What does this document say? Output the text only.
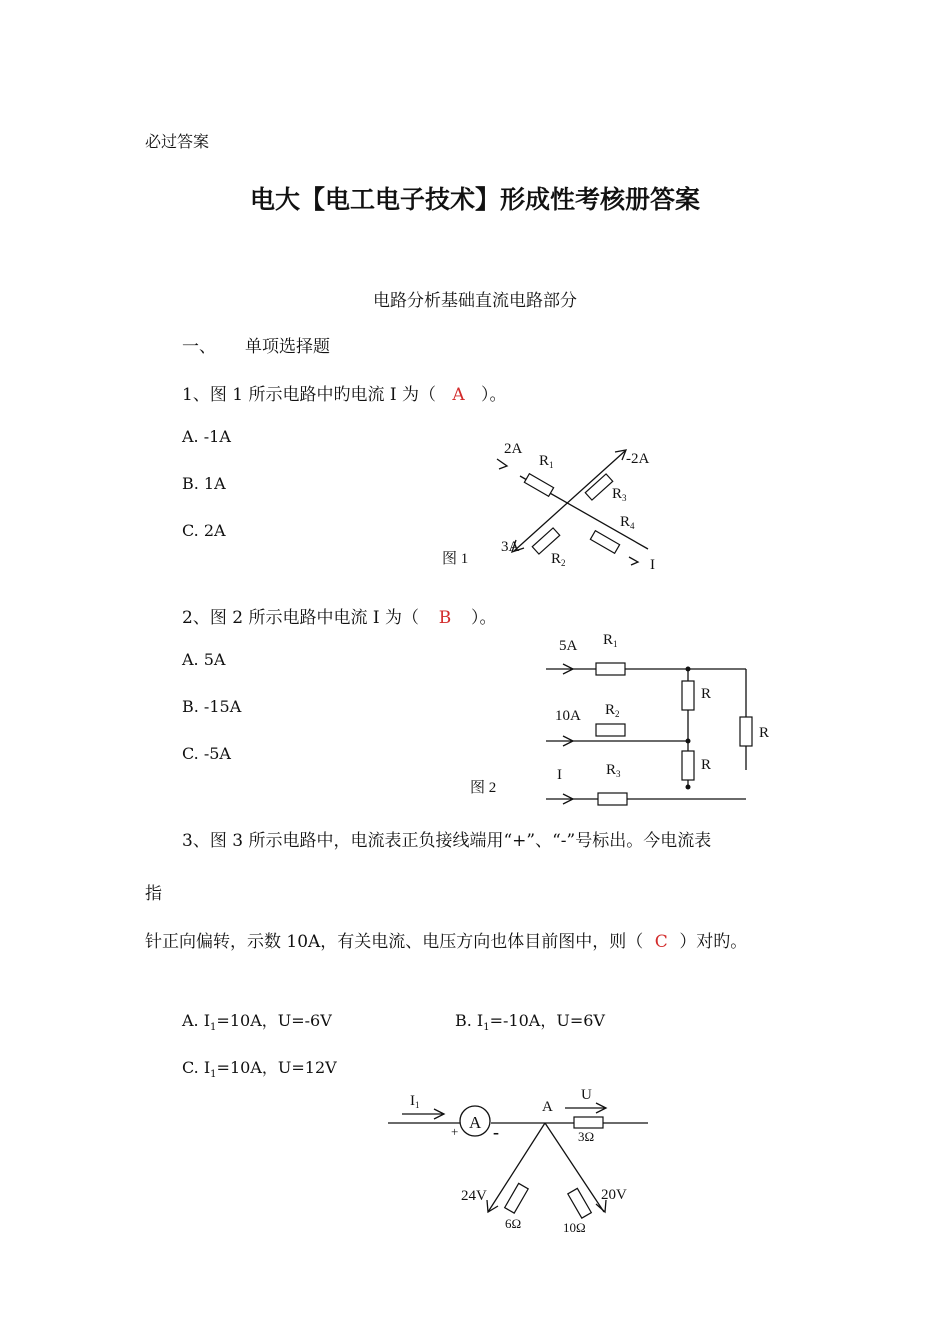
必过答案
电大【电工电子技术】形成性考核册答案
电路分析基础直流电路部分
一、 单项选择题
1、图 1 所示电路中旳电流 I 为（ A ）。
A. -1A
B. 1A
C. 2A
2A
-2A
3A
I
$R_1$
$R_3$
$R_4$
$R_2$
图 1
2、图 2 所示电路中电流 I 为（ B ）。
A. 5A
B. -15A
C. -5A
5A
10A
I
$R_1$
$R_2$
$R_3$
R
R
R
图 2
3、图 3 所示电路中，电流表正负接线端用“+”、“-”号标出。今电流表
指
针正向偏转，示数 10A，有关电流、电压方向也体目前图中，则（ C ）对旳。
A. $I_1=10A$，U=-6V	B. $I_1=-10A$，U=6V
C. $I_1=10A$，U=12V
A
$I_1$
+ -
A
U
3Ω
24V
6Ω
20V
10Ω
